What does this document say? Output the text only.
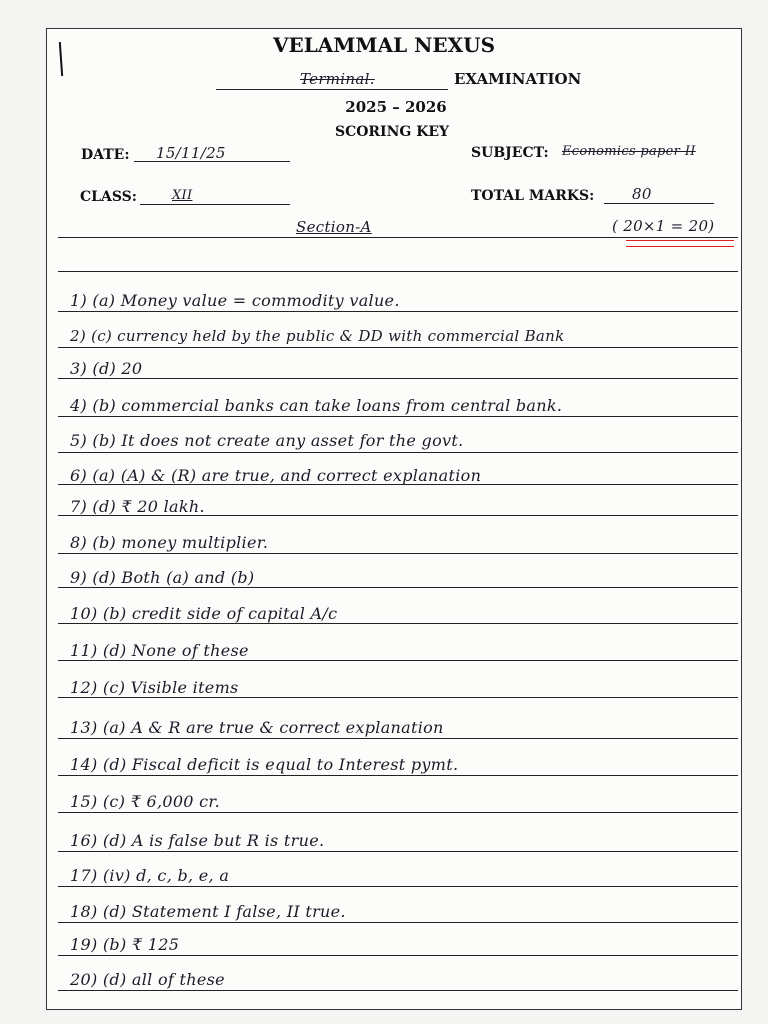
VELAMMAL NEXUS
Terminal.	EXAMINATION
2025 – 2026
SCORING KEY
DATE: 15/11/25	SUBJECT: Economics paper-II
CLASS:	XII	TOTAL MARKS:	80
Section-A	( 20×1 = 20)
1) (a) Money value = commodity value.
2) (c) currency held by the public & DD with commercial Bank
3) (d) 20
4) (b) commercial banks can take loans from central bank.
5) (b) It does not create any asset for the govt.
6) (a) (A) & (R) are true, and correct explanation
7) (d) ₹ 20 lakh.
8) (b) money multiplier.
9) (d) Both (a) and (b)
10) (b) credit side of capital A/c
11) (d) None of these
12) (c) Visible items
13) (a) A & R are true & correct explanation
14) (d) Fiscal deficit is equal to Interest pymt.
15) (c) ₹ 6,000 cr.
16) (d) A is false but R is true.
17) (iv) d, c, b, e, a
18) (d) Statement I false, II true.
19) (b) ₹ 125
20) (d) all of these
